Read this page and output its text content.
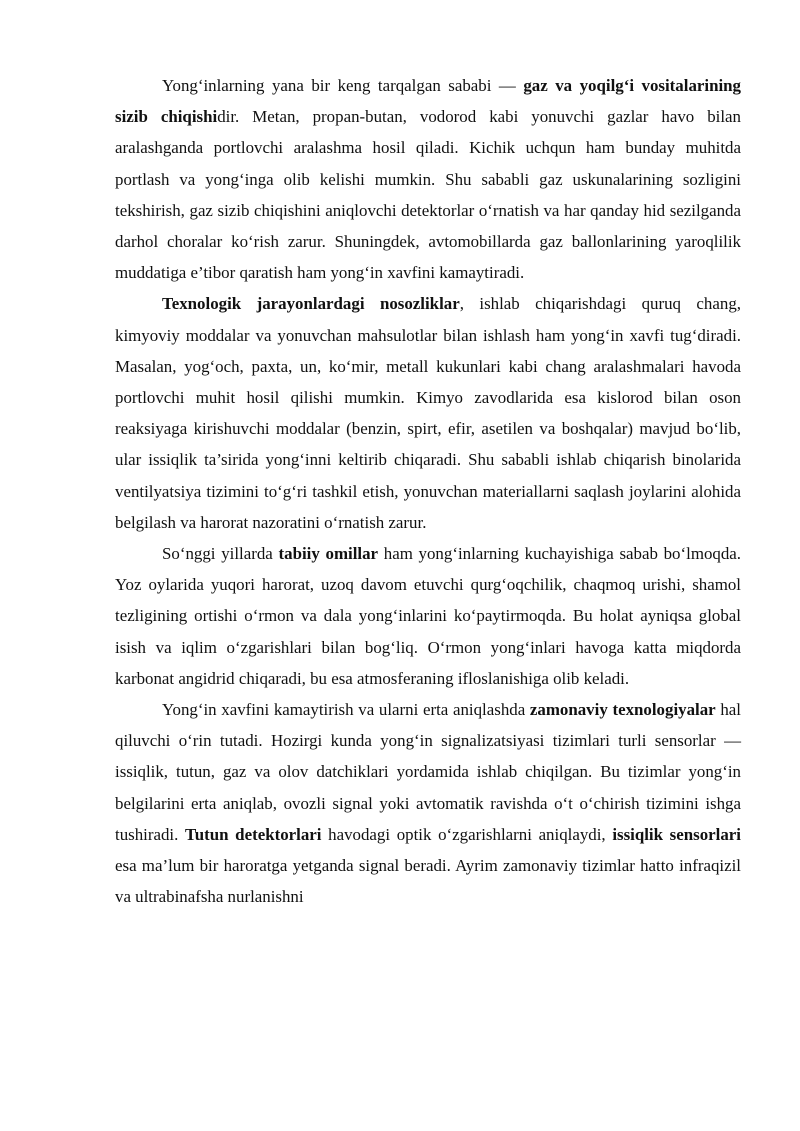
Yong‘inlarning yana bir keng tarqalgan sababi — gaz va yoqilg‘i vositalarining sizib chiqishidir. Metan, propan-butan, vodorod kabi yonuvchi gazlar havo bilan aralashganda portlovchi aralashma hosil qiladi. Kichik uchqun ham bunday muhitda portlash va yong‘inga olib kelishi mumkin. Shu sababli gaz uskunalarining sozligini tekshirish, gaz sizib chiqishini aniqlovchi detektorlar o‘rnatish va har qanday hid sezilganda darhol choralar ko‘rish zarur. Shuningdek, avtomobillarda gaz ballonlarining yaroqlilik muddatiga e’tibor qaratish ham yong‘in xavfini kamaytiradi.

Texnologik jarayonlardagi nosozliklar, ishlab chiqarishdagi quruq chang, kimyoviy moddalar va yonuvchan mahsulotlar bilan ishlash ham yong‘in xavfi tug‘diradi. Masalan, yog‘och, paxta, un, ko‘mir, metall kukunlari kabi chang aralashmalari havoda portlovchi muhit hosil qilishi mumkin. Kimyo zavodlarida esa kislorod bilan oson reaksiyaga kirishuvchi moddalar (benzin, spirt, efir, asetilen va boshqalar) mavjud bo‘lib, ular issiqlik ta’sirida yong‘inni keltirib chiqaradi. Shu sababli ishlab chiqarish binolarida ventilyatsiya tizimini to‘g‘ri tashkil etish, yonuvchan materiallarni saqlash joylarini alohida belgilash va harorat nazoratini o‘rnatish zarur.

So‘nggi yillarda tabiiy omillar ham yong‘inlarning kuchayishiga sabab bo‘lmoqda. Yoz oylarida yuqori harorat, uzoq davom etuvchi qurg‘oqchilik, chaqmoq urishi, shamol tezligining ortishi o‘rmon va dala yong‘inlarini ko‘paytirmoqda. Bu holat ayniqsa global isish va iqlim o‘zgarishlari bilan bog‘liq. O‘rmon yong‘inlari havoga katta miqdorda karbonat angidrid chiqaradi, bu esa atmosferaning ifloslanishiga olib keladi.

Yong‘in xavfini kamaytirish va ularni erta aniqlashda zamonaviy texnologiyalar hal qiluvchi o‘rin tutadi. Hozirgi kunda yong‘in signalizatsiyasi tizimlari turli sensorlar — issiqlik, tutun, gaz va olov datchiklari yordamida ishlab chiqilgan. Bu tizimlar yong‘in belgilarini erta aniqlab, ovozli signal yoki avtomatik ravishda o‘t o‘chirish tizimini ishga tushiradi. Tutun detektorlari havodagi optik o‘zgarishlarni aniqlaydi, issiqlik sensorlari esa ma’lum bir haroratga yetganda signal beradi. Ayrim zamonaviy tizimlar hatto infraqizil va ultrabinafsha nurlanishni
